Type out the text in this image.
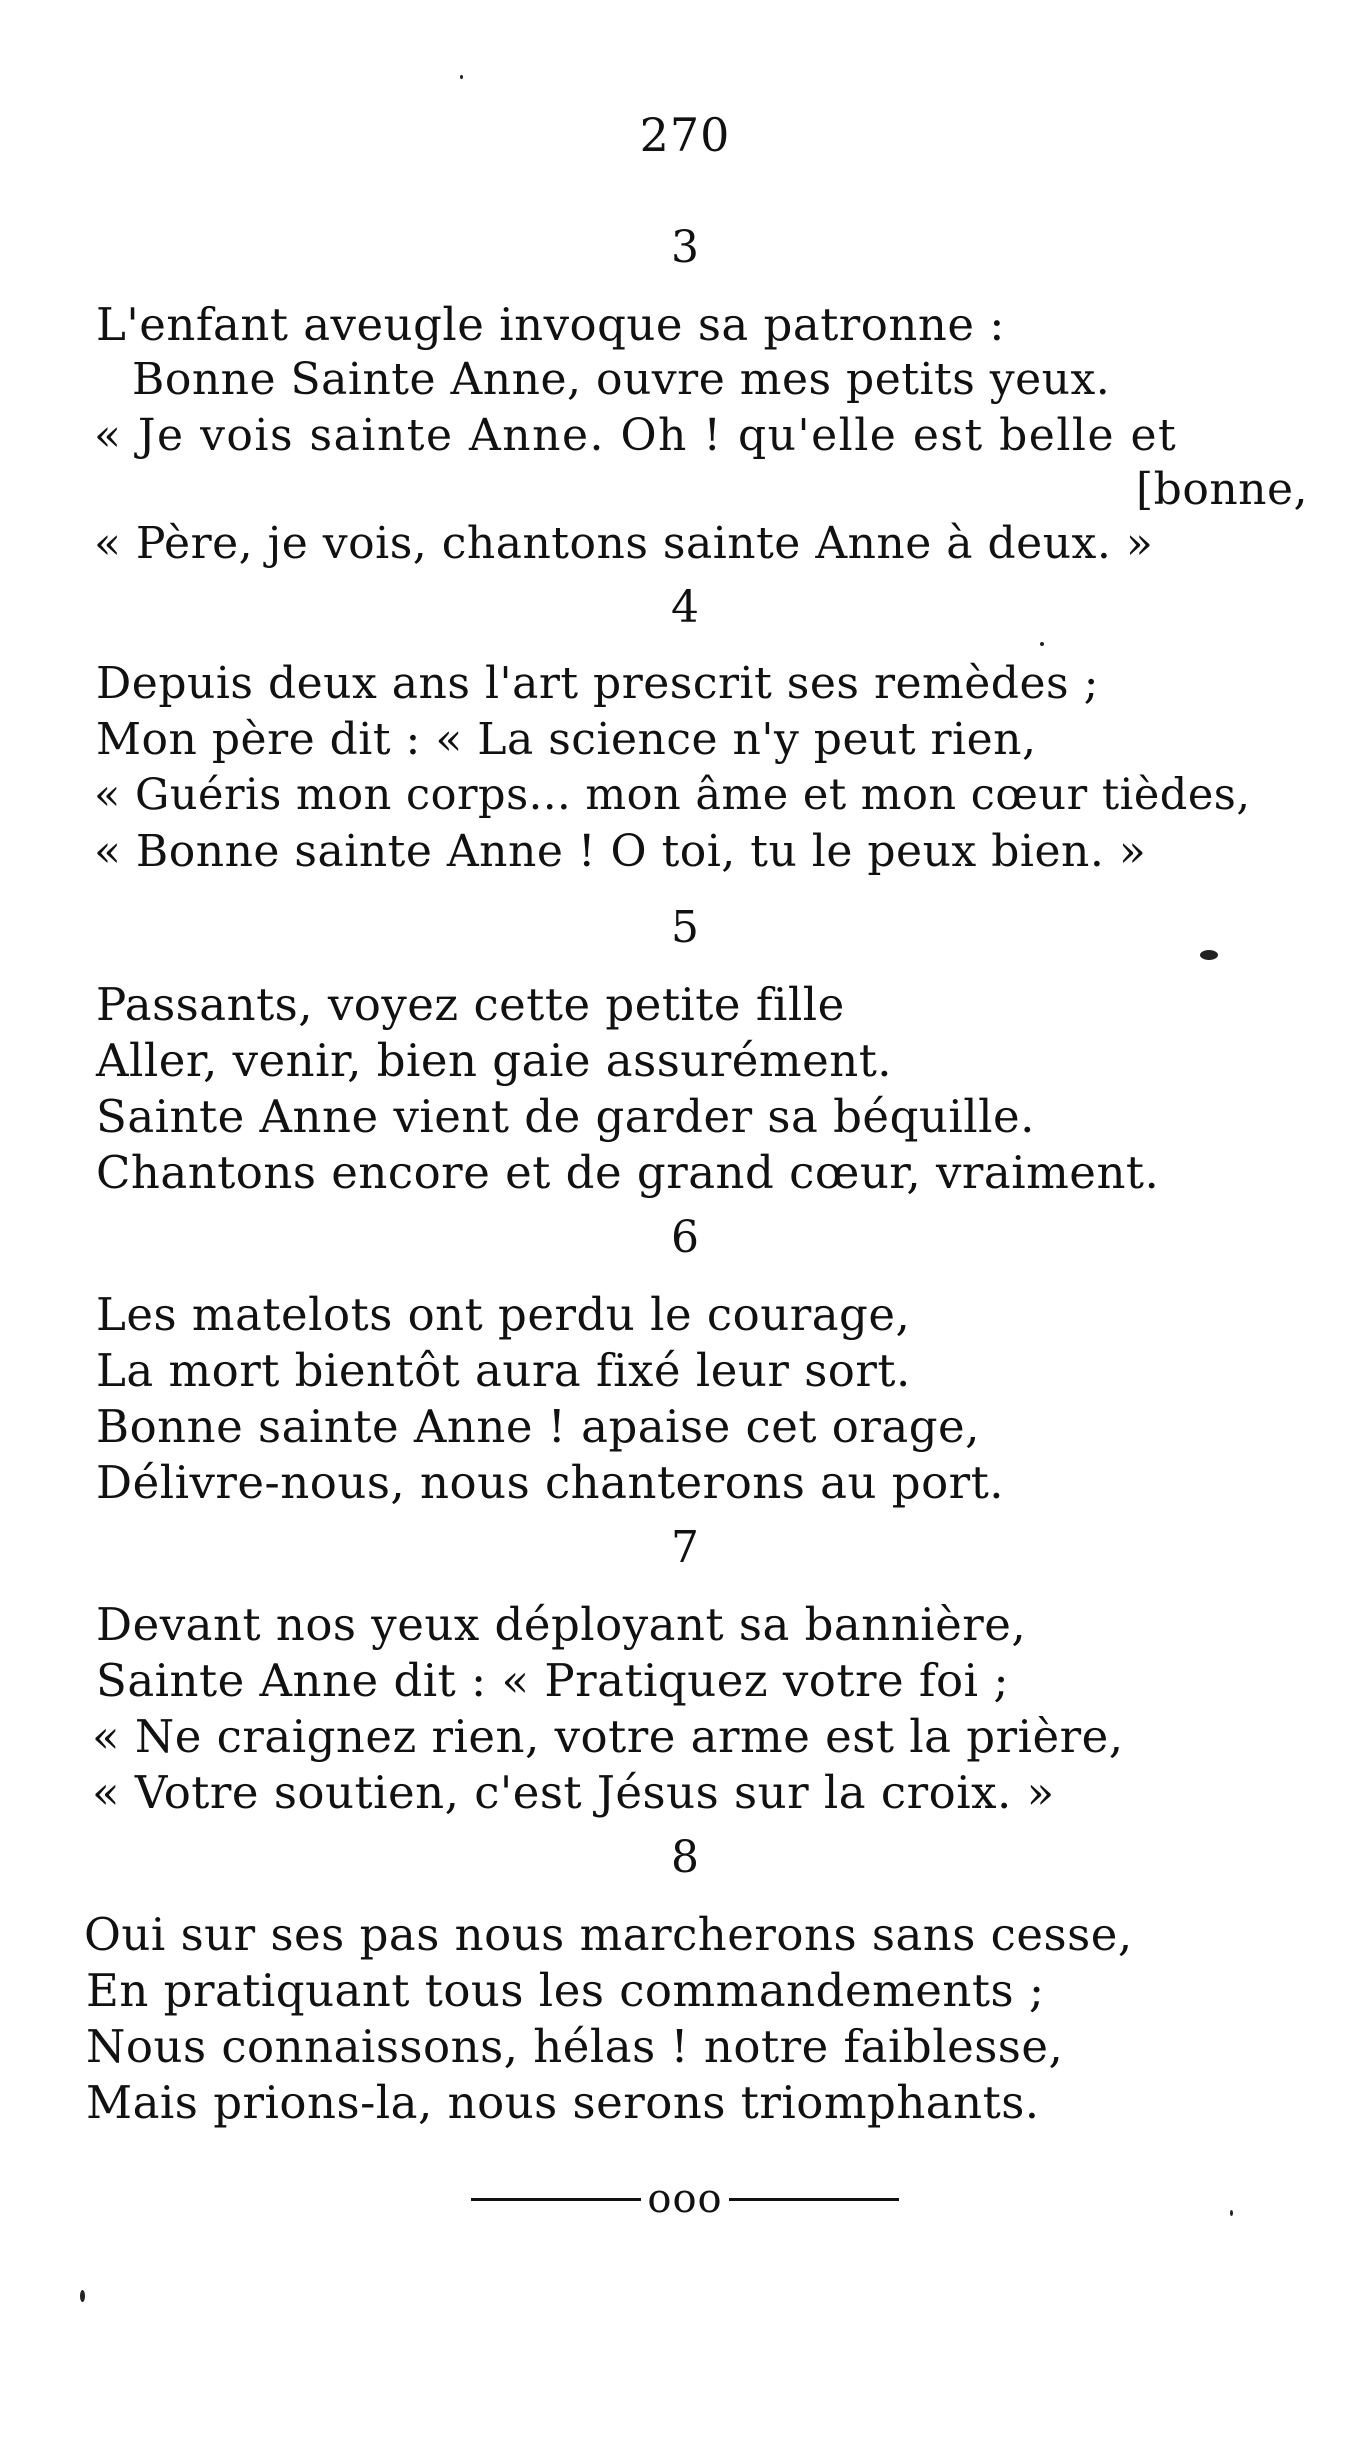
270
3
L'enfant aveugle invoque sa patronne :
Bonne Sainte Anne, ouvre mes petits yeux.
« Je vois sainte Anne. Oh ! qu'elle est belle et
[bonne,
« Père, je vois, chantons sainte Anne à deux. »
4
Depuis deux ans l'art prescrit ses remèdes ;
Mon père dit : « La science n'y peut rien,
« Guéris mon corps... mon âme et mon cœur tièdes,
« Bonne sainte Anne ! O toi, tu le peux bien. »
5
Passants, voyez cette petite fille
Aller, venir, bien gaie assurément.
Sainte Anne vient de garder sa béquille.
Chantons encore et de grand cœur, vraiment.
6
Les matelots ont perdu le courage,
La mort bientôt aura fixé leur sort.
Bonne sainte Anne ! apaise cet orage,
Délivre-nous, nous chanterons au port.
7
Devant nos yeux déployant sa bannière,
Sainte Anne dit : « Pratiquez votre foi ;
« Ne craignez rien, votre arme est la prière,
« Votre soutien, c'est Jésus sur la croix. »
8
Oui sur ses pas nous marcherons sans cesse,
En pratiquant tous les commandements ;
Nous connaissons, hélas ! notre faiblesse,
Mais prions-la, nous serons triomphants.
ooo
